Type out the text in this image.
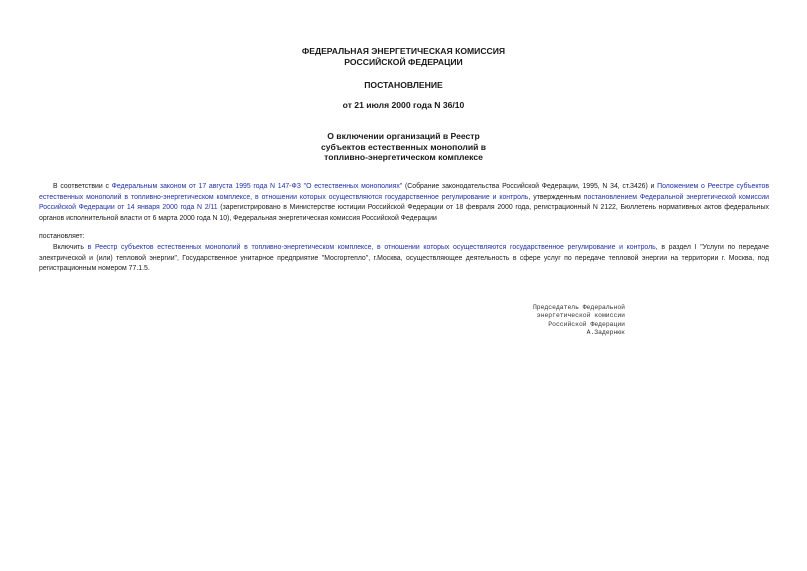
ФЕДЕРАЛЬНАЯ ЭНЕРГЕТИЧЕСКАЯ КОМИССИЯ
РОССИЙСКОЙ ФЕДЕРАЦИИ
ПОСТАНОВЛЕНИЕ
от 21 июля 2000 года N 36/10
О включении организаций в Реестр
субъектов естественных монополий в
топливно-энергетическом комплексе
В соответствии с Федеральным законом от 17 августа 1995 года N 147-ФЗ "О естественных монополиях" (Собрание законодательства Российской Федерации, 1995, N 34, ст.3426) и Положением о Реестре субъектов естественных монополий в топливно-энергетическом комплексе, в отношении которых осуществляются государственное регулирование и контроль, утвержденным постановлением Федеральной энергетической комиссии Российской Федерации от 14 января 2000 года N 2/11 (зарегистрировано в Министерстве юстиции Российской Федерации от 18 февраля 2000 года, регистрационный N 2122, Бюллетень нормативных актов федеральных органов исполнительной власти от 6 марта 2000 года N 10), Федеральная энергетическая комиссия Российской Федерации
постановляет:
Включить в Реестр субъектов естественных монополий в топливно-энергетическом комплексе, в отношении которых осуществляются государственное регулирование и контроль, в раздел I "Услуги по передаче электрической и (или) тепловой энергии", Государственное унитарное предприятие "Мосгортепло", г.Москва, осуществляющее деятельность в сфере услуг по передаче тепловой энергии на территории г. Москва, под регистрационным номером 77.1.5.
Председатель Федеральной
энергетической комиссии
Российской Федерации
А.Задернюк
